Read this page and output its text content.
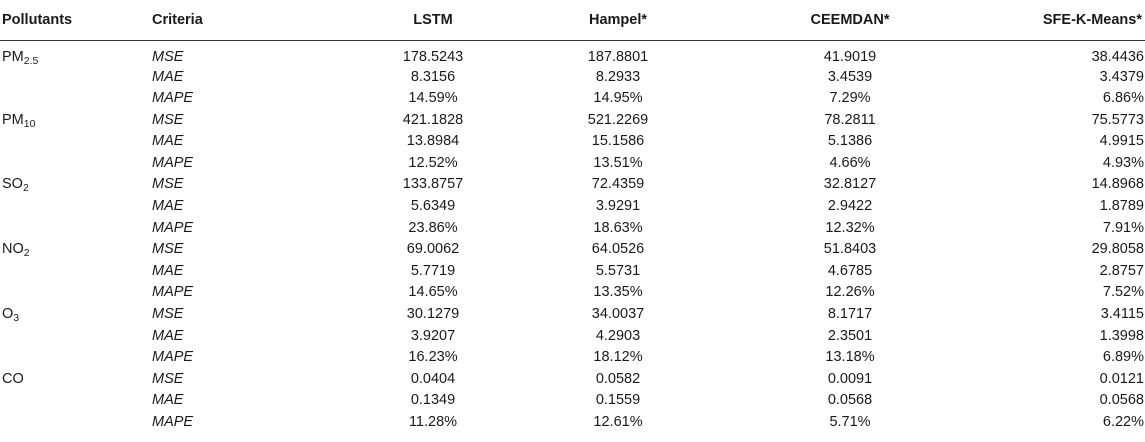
Pollutants	Criteria	LSTM	Hampel*	CEEMDAN*	SFE-K-Means*
$PM_{2.5}$	MSE	178.5243	187.8801	41.9019	38.4436
	MAE	8.3156	8.2933	3.4539	3.4379
	MAPE	14.59%	14.95%	7.29%	6.86%
$PM_{10}$	MSE	421.1828	521.2269	78.2811	75.5773
	MAE	13.8984	15.1586	5.1386	4.9915
	MAPE	12.52%	13.51%	4.66%	4.93%
$SO_2$	MSE	133.8757	72.4359	32.8127	14.8968
	MAE	5.6349	3.9291	2.9422	1.8789
	MAPE	23.86%	18.63%	12.32%	7.91%
$NO_2$	MSE	69.0062	64.0526	51.8403	29.8058
	MAE	5.7719	5.5731	4.6785	2.8757
	MAPE	14.65%	13.35%	12.26%	7.52%
$O_3$	MSE	30.1279	34.0037	8.1717	3.4115
	MAE	3.9207	4.2903	2.3501	1.3998
	MAPE	16.23%	18.12%	13.18%	6.89%
CO	MSE	0.0404	0.0582	0.0091	0.0121
	MAE	0.1349	0.1559	0.0568	0.0568
	MAPE	11.28%	12.61%	5.71%	6.22%
